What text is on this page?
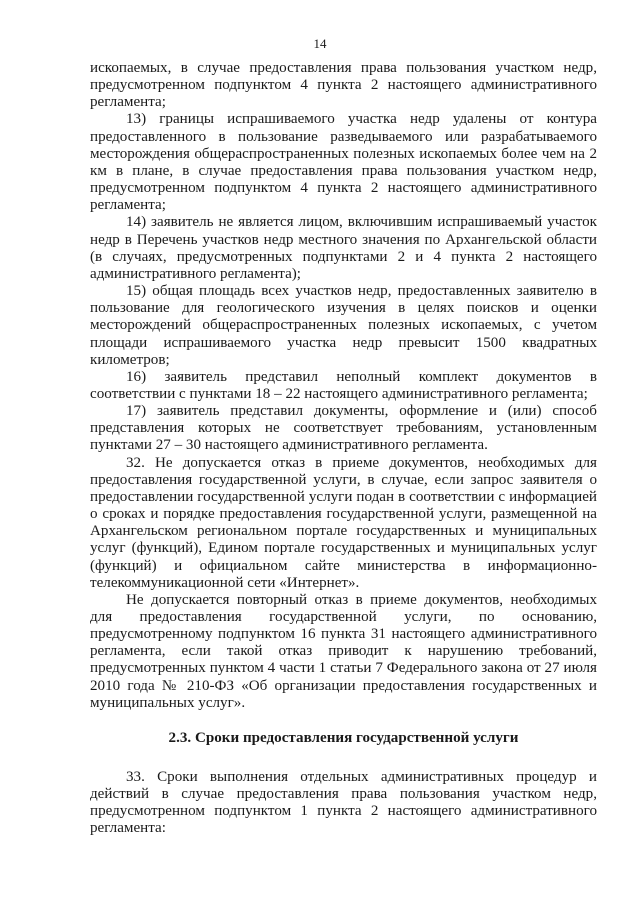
14

ископаемых, в случае предоставления права пользования участком недр, предусмотренном подпунктом 4 пункта 2 настоящего административного регламента;

13) границы испрашиваемого участка недр удалены от контура предоставленного в пользование разведываемого или разрабатываемого месторождения общераспространенных полезных ископаемых более чем на 2 км в плане, в случае предоставления права пользования участком недр, предусмотренном подпунктом 4 пункта 2 настоящего административного регламента;

14) заявитель не является лицом, включившим испрашиваемый участок недр в Перечень участков недр местного значения по Архангельской области (в случаях, предусмотренных подпунктами 2 и 4 пункта 2 настоящего административного регламента);

15) общая площадь всех участков недр, предоставленных заявителю в пользование для геологического изучения в целях поисков и оценки месторождений общераспространенных полезных ископаемых, с учетом площади испрашиваемого участка недр превысит 1500 квадратных километров;

16) заявитель представил неполный комплект документов в соответствии с пунктами 18 – 22 настоящего административного регламента;

17) заявитель представил документы, оформление и (или) способ представления которых не соответствует требованиям, установленным пунктами 27 – 30 настоящего административного регламента.

32. Не допускается отказ в приеме документов, необходимых для предоставления государственной услуги, в случае, если запрос заявителя о предоставлении государственной услуги подан в соответствии с информацией о сроках и порядке предоставления государственной услуги, размещенной на Архангельском региональном портале государственных и муниципальных услуг (функций), Едином портале государственных и муниципальных услуг (функций) и официальном сайте министерства в информационно-телекоммуникационной сети «Интернет».

Не допускается повторный отказ в приеме документов, необходимых для предоставления государственной услуги, по основанию, предусмотренному подпунктом 16 пункта 31 настоящего административного регламента, если такой отказ приводит к нарушению требований, предусмотренных пунктом 4 части 1 статьи 7 Федерального закона от 27 июля 2010 года № 210-ФЗ «Об организации предоставления государственных и муниципальных услуг».

2.3. Сроки предоставления государственной услуги

33. Сроки выполнения отдельных административных процедур и действий в случае предоставления права пользования участком недр, предусмотренном подпунктом 1 пункта 2 настоящего административного регламента:
